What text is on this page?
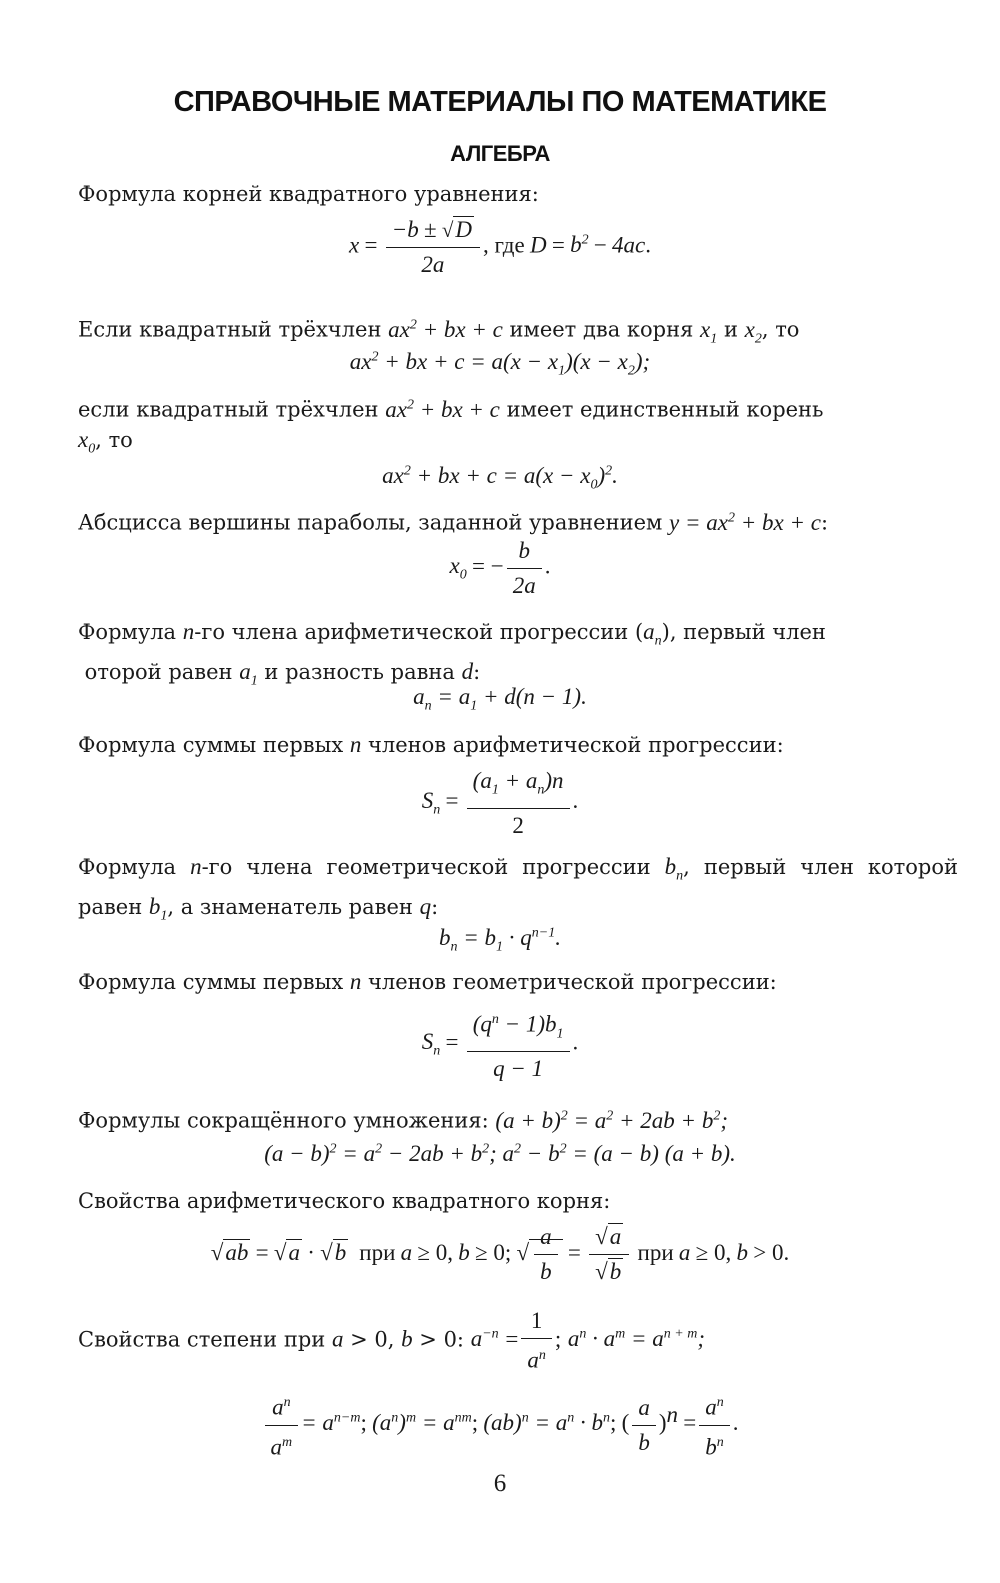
СПРАВОЧНЫЕ МАТЕРИАЛЫ ПО МАТЕМАТИКЕ
АЛГЕБРА
Формула корней квадратного уравнения:
$x = \frac{-b \pm √D}{2a}$ , где $D = b^2 - 4ac$.
Если квадратный трёхчлен $ax^2$ + bx + c имеет два корня $x_1$ и $x_2$, то
$ax^2$ + bx + $c = a(x - x_1)(x - x_2)$;
если квадратный трёхчлен $ax^2$ + bx + c имеет единственный корень
$x_0$, то
$ax^2$ + bx + $c = a(x - x_0)^2$.
Абсцисса вершины параболы, заданной уравнением $y = ax^2$ + bx + c:
$x_0$ = − $\frac{b}{2a}$ .
Формула n-го члена арифметической прогрессии $(a_n)$, первый член
оторой равен $a_1$ и разность равна d:
$a_n = a_1 + d(n - 1)$.
Формула суммы первых n членов арифметической прогрессии:
$S_n = \frac{(a_1 + a_n)n}{2}$ .
Формула n-го члена геометрической прогрессии $b_n$, первый член которой равен $b_1$, а знаменатель равен q:
$b_n = b_1 \cdot q^{n-1}$.
Формула суммы первых n членов геометрической прогрессии:
$S_n = \frac{(q^n - 1)b_1}{q - 1}$ .
Формулы сокращённого умножения: $(a + b)^2 = a^2 + 2ab + b^2$;
$(a - b)^2 = a^2 - 2ab + b^2$; $a^2 - b^2 = (a - b) (a + b)$.
Свойства арифметического квадратного корня:
√ab = √a · √b  при a ≥ 0, b ≥ 0; √ $\frac{a}{b} = \frac{√a}{√b}$ при a ≥ 0, b > 0.
Свойства степени при a > 0, b > 0: $a^{-n} = \frac{1}{a^n}$ ; $a^n \cdot a^m = a^{n + m}$;
$\frac{a^n}{a^m} = a^{n-m}$; $(a^n)^m = a^{nm}$; $(ab)^n = a^n \cdot b^n$; ( $\frac{a}{b} )^n = \frac{a^n}{b^n}$ .
6
